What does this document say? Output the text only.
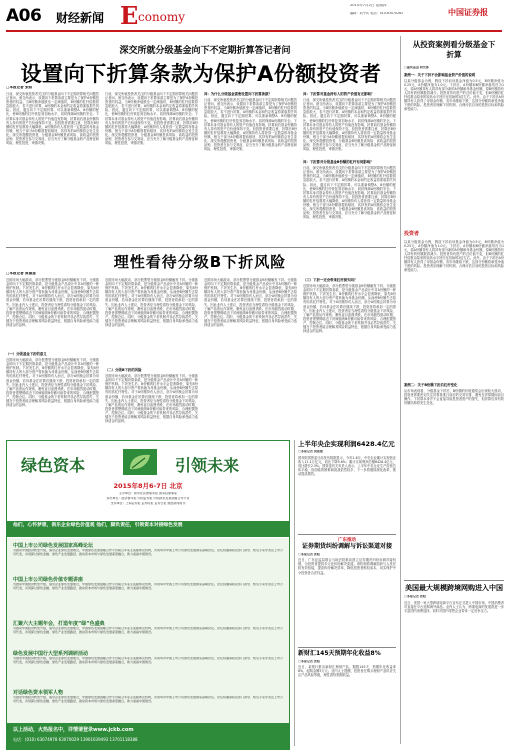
A06 财经新闻 E conomy
2015年7月2日 星期四
编辑：刘小庆 电话：010-63070262	中国证券报
深交所就分级基金向下不定期折算答记者问
设置向下折算条款为保护A份额投资者
□本报记者 张昭
日前，深交所就投资者关注的分级基金向下不定期折算相关问题答记者问。深交所表示，设置向下折算条款主要是为了保护A份额投资者的权益。当B份额净值跌至一定阈值时，B份额的杠杆倍数将急剧放大，若不进行折算，A份额的本金和约定收益将面临损失风险。因此，通过向下不定期折算，可以重新调整A、B份额的配比，使B份额的杠杆恢复到初始水平，同时保障A份额的安全。下折算本身对基金持有人的资产价值没有影响，折算前后基金份额持有人持有的资产总价值保持不变。但投资者需要注意，折算后B份额的杠杆倍数将大幅降低，A份额持有人将获得一定数量的母基金份额，相当于部分A份额被提前赎回，其持有的A份额将会发生变化。深交所提醒投资者，分级基金B份额是高风险、高收益的投资品种，投资者在参与交易前，应当充分了解分级基金的产品特征和风险，理性投资，审慎决策。
日前，深交所就投资者关注的分级基金向下不定期折算相关问题答记者问。深交所表示，设置向下折算条款主要是为了保护A份额投资者的权益。当B份额净值跌至一定阈值时，B份额的杠杆倍数将急剧放大，若不进行折算，A份额的本金和约定收益将面临损失风险。因此，通过向下不定期折算，可以重新调整A、B份额的配比，使B份额的杠杆恢复到初始水平，同时保障A份额的安全。下折算本身对基金持有人的资产价值没有影响，折算前后基金份额持有人持有的资产总价值保持不变。但投资者需要注意，折算后B份额的杠杆倍数将大幅降低，A份额持有人将获得一定数量的母基金份额，相当于部分A份额被提前赎回，其持有的A份额将会发生变化。深交所提醒投资者，分级基金B份额是高风险、高收益的投资品种，投资者在参与交易前，应当充分了解分级基金的产品特征和风险，理性投资，审慎决策。
问：为什么分级基金需要设置向下折算条款？
日前，深交所就投资者关注的分级基金向下不定期折算相关问题答记者问。深交所表示，设置向下折算条款主要是为了保护A份额投资者的权益。当B份额净值跌至一定阈值时，B份额的杠杆倍数将急剧放大，若不进行折算，A份额的本金和约定收益将面临损失风险。因此，通过向下不定期折算，可以重新调整A、B份额的配比，使B份额的杠杆恢复到初始水平，同时保障A份额的安全。下折算本身对基金持有人的资产价值没有影响，折算前后基金份额持有人持有的资产总价值保持不变。但投资者需要注意，折算后B份额的杠杆倍数将大幅降低，A份额持有人将获得一定数量的母基金份额，相当于部分A份额被提前赎回，其持有的A份额将会发生变化。深交所提醒投资者，分级基金B份额是高风险、高收益的投资品种，投资者在参与交易前，应当充分了解分级基金的产品特征和风险，理性投资，审慎决策。
问：下折算对基金持有人的资产价值有无影响？
日前，深交所就投资者关注的分级基金向下不定期折算相关问题答记者问。深交所表示，设置向下折算条款主要是为了保护A份额投资者的权益。当B份额净值跌至一定阈值时，B份额的杠杆倍数将急剧放大，若不进行折算，A份额的本金和约定收益将面临损失风险。因此，通过向下不定期折算，可以重新调整A、B份额的配比，使B份额的杠杆恢复到初始水平，同时保障A份额的安全。下折算本身对基金持有人的资产价值没有影响，折算前后基金份额持有人持有的资产总价值保持不变。但投资者需要注意，折算后B份额的杠杆倍数将大幅降低，A份额持有人将获得一定数量的母基金份额，相当于部分A份额被提前赎回，其持有的A份额将会发生变化。深交所提醒投资者，分级基金B份额是高风险、高收益的投资品种，投资者在参与交易前，应当充分了解分级基金的产品特征和风险，理性投资，审慎决策。
问：下折算对分级基金B份额的杠杆有何影响？
日前，深交所就投资者关注的分级基金向下不定期折算相关问题答记者问。深交所表示，设置向下折算条款主要是为了保护A份额投资者的权益。当B份额净值跌至一定阈值时，B份额的杠杆倍数将急剧放大，若不进行折算，A份额的本金和约定收益将面临损失风险。因此，通过向下不定期折算，可以重新调整A、B份额的配比，使B份额的杠杆恢复到初始水平，同时保障A份额的安全。下折算本身对基金持有人的资产价值没有影响，折算前后基金份额持有人持有的资产总价值保持不变。但投资者需要注意，折算后B份额的杠杆倍数将大幅降低，A份额持有人将获得一定数量的母基金份额，相当于部分A份额被提前赎回，其持有的A份额将会发生变化。深交所提醒投资者，分级基金B份额是高风险、高收益的投资品种，投资者在参与交易前，应当充分了解分级基金的产品特征和风险，理性投资，审慎决策。
从投资案例看分级基金下折算
□嘉实基金 研究部
案例一：关于下折不会影响基金资产价值的说明
以某分级基金为例，假设下折前母基金净值为0.5元，B份额净值为0.25元，A份额净值为1.0元。下折后，A份额和B份额净值均归为1元，原A份额持有人将持有部分新的A份额和母基金份额，原B份额持有人持有的份额数将减少。投资者持有资产的总价值不变，但B份额的杠杆倍数由原来的较高水平回归至初始的2倍左右。此外，由于下折后A份额持有人获得了母基金份额，若市场继续下跌，这部分份额将承受净值下跌的风险。投资者应理解下折机制，合理评估自身的投资目标和风险承受能力。
投资者
以某分级基金为例，假设下折前母基金净值为0.5元，B份额净值为0.25元，A份额净值为1.0元。下折后，A份额和B份额净值均归为1元，原A份额持有人将持有部分新的A份额和母基金份额，原B份额持有人持有的份额数将减少。投资者持有资产的总价值不变，但B份额的杠杆倍数由原来的较高水平回归至初始的2倍左右。此外，由于下折后A份额持有人获得了母基金份额，若市场继续下跌，这部分份额将承受净值下跌的风险。投资者应理解下折机制，合理评估自身的投资目标和风险承受能力。
案例二：关于B份额下折后杠杆变化
从市场表现看，分级基金下折后，B份额的价格通常会出现较大波动，投资者需要密切关注折算基准日前后的交易安排，避免在折算期间盲目操作。下折算本身并不会直接导致投资者资产的损失，但折算后持有的份额结构将发生变化。
理性看待分级B下折风险
□本报记者 黄淑慧
近期市场大幅波动，部分股票型分级基金B份额触发下折。分级基金的向下不定期折算条款，是分级基金产品设计中对A份额的一种保护机制。下折发生后，B份额的杠杆水平会显著降低，原先B份额持有人的大部分资产将转换为母基金份额，从而使B份额失去原有的高杠杆特性。对于A份额持有人而言，部分A份额会折算为母基金份额，若母基金在折算后继续下跌，投资者将承担一定的损失。因此业内人士建议，投资者应当理性看待分级基金下折风险，了解产品的运作规则，避免盲目追涨杀跌。在市场剧烈波动时期，投资者需警惕临近下折阈值的B份额可能带来的风险，合理配置资产，控制仓位。同时，分级基金的下折机制并非必然导致损失，关键在于投资者能否理解其风险收益特征，根据自身风险承受能力选择适合的品种。
（一）分级基金下折的意义
近期市场大幅波动，部分股票型分级基金B份额触发下折。分级基金的向下不定期折算条款，是分级基金产品设计中对A份额的一种保护机制。下折发生后，B份额的杠杆水平会显著降低，原先B份额持有人的大部分资产将转换为母基金份额，从而使B份额失去原有的高杠杆特性。对于A份额持有人而言，部分A份额会折算为母基金份额，若母基金在折算后继续下跌，投资者将承担一定的损失。因此业内人士建议，投资者应当理性看待分级基金下折风险，了解产品的运作规则，避免盲目追涨杀跌。在市场剧烈波动时期，投资者需警惕临近下折阈值的B份额可能带来的风险，合理配置资产，控制仓位。同时，分级基金的下折机制并非必然导致损失，关键在于投资者能否理解其风险收益特征，根据自身风险承受能力选择适合的品种。
近期市场大幅波动，部分股票型分级基金B份额触发下折。分级基金的向下不定期折算条款，是分级基金产品设计中对A份额的一种保护机制。下折发生后，B份额的杠杆水平会显著降低，原先B份额持有人的大部分资产将转换为母基金份额，从而使B份额失去原有的高杠杆特性。对于A份额持有人而言，部分A份额会折算为母基金份额，若母基金在折算后继续下跌，投资者将承担一定的损失。因此业内人士建议，投资者应当理性看待分级基金下折风险，了解产品的运作规则，避免盲目追涨杀跌。在市场剧烈波动时期，投资者需警惕临近下折阈值的B份额可能带来的风险，合理配置资产，控制仓位。同时，分级基金的下折机制并非必然导致损失，关键在于投资者能否理解其风险收益特征，根据自身风险承受能力选择适合的品种。
（二）分级B下折的风险
近期市场大幅波动，部分股票型分级基金B份额触发下折。分级基金的向下不定期折算条款，是分级基金产品设计中对A份额的一种保护机制。下折发生后，B份额的杠杆水平会显著降低，原先B份额持有人的大部分资产将转换为母基金份额，从而使B份额失去原有的高杠杆特性。对于A份额持有人而言，部分A份额会折算为母基金份额，若母基金在折算后继续下跌，投资者将承担一定的损失。因此业内人士建议，投资者应当理性看待分级基金下折风险，了解产品的运作规则，避免盲目追涨杀跌。在市场剧烈波动时期，投资者需警惕临近下折阈值的B份额可能带来的风险，合理配置资产，控制仓位。同时，分级基金的下折机制并非必然导致损失，关键在于投资者能否理解其风险收益特征，根据自身风险承受能力选择适合的品种。
近期市场大幅波动，部分股票型分级基金B份额触发下折。分级基金的向下不定期折算条款，是分级基金产品设计中对A份额的一种保护机制。下折发生后，B份额的杠杆水平会显著降低，原先B份额持有人的大部分资产将转换为母基金份额，从而使B份额失去原有的高杠杆特性。对于A份额持有人而言，部分A份额会折算为母基金份额，若母基金在折算后继续下跌，投资者将承担一定的损失。因此业内人士建议，投资者应当理性看待分级基金下折风险，了解产品的运作规则，避免盲目追涨杀跌。在市场剧烈波动时期，投资者需警惕临近下折阈值的B份额可能带来的风险，合理配置资产，控制仓位。同时，分级基金的下折机制并非必然导致损失，关键在于投资者能否理解其风险收益特征，根据自身风险承受能力选择适合的品种。
（三）下折一定会带来杠杆损失吗？
近期市场大幅波动，部分股票型分级基金B份额触发下折。分级基金的向下不定期折算条款，是分级基金产品设计中对A份额的一种保护机制。下折发生后，B份额的杠杆水平会显著降低，原先B份额持有人的大部分资产将转换为母基金份额，从而使B份额失去原有的高杠杆特性。对于A份额持有人而言，部分A份额会折算为母基金份额，若母基金在折算后继续下跌，投资者将承担一定的损失。因此业内人士建议，投资者应当理性看待分级基金下折风险，了解产品的运作规则，避免盲目追涨杀跌。在市场剧烈波动时期，投资者需警惕临近下折阈值的B份额可能带来的风险，合理配置资产，控制仓位。同时，分级基金的下折机制并非必然导致损失，关键在于投资者能否理解其风险收益特征，根据自身风险承受能力选择适合的品种。
绿色资本	引领未来
2015年8月6-7日 北京
主办单位：新华社民族事务报 国务院参事室
承办单位：经济参考报 中国证券报 中国绿色发展战略合作平台
支持单位：上海证券报 证券时报 证券日报 财经新闻周刊
他们，心怀梦想，俱乐企业绿色价值观 他们，脚负责任，引领资本对接绿色发展
中国上市公司绿色发展国家高峰论坛
为推动中国经济转型升级，倡导企业绿色发展理念，中国绿色发展战略合作平台联合多家主流媒体及机构，共同举办中国上市公司绿色发展国家高峰论坛。论坛将邀请政府部门领导、知名专家学者及上市公司代表，共同探讨绿色金融、绿色产业发展路径，推动资本市场与绿色发展深度融合，助力美丽中国建设。
中国上市公司绿色价值专题讲座
为推动中国经济转型升级，倡导企业绿色发展理念，中国绿色发展战略合作平台联合多家主流媒体及机构，共同举办中国上市公司绿色发展国家高峰论坛。论坛将邀请政府部门领导、知名专家学者及上市公司代表，共同探讨绿色金融、绿色产业发展路径，推动资本市场与绿色发展深度融合，助力美丽中国建设。
汇聚六大主题年会，打造年度“绿”色盛典
为推动中国经济转型升级，倡导企业绿色发展理念，中国绿色发展战略合作平台联合多家主流媒体及机构，共同举办中国上市公司绿色发展国家高峰论坛。论坛将邀请政府部门领导、知名专家学者及上市公司代表，共同探讨绿色金融、绿色产业发展路径，推动资本市场与绿色发展深度融合，助力美丽中国建设。
绿色发展中国行大型系列调研活动
为推动中国经济转型升级，倡导企业绿色发展理念，中国绿色发展战略合作平台联合多家主流媒体及机构，共同举办中国上市公司绿色发展国家高峰论坛。论坛将邀请政府部门领导、知名专家学者及上市公司代表，共同探讨绿色金融、绿色产业发展路径，推动资本市场与绿色发展深度融合，助力美丽中国建设。
对话绿色资本领军人物
为推动中国经济转型升级，倡导企业绿色发展理念，中国绿色发展战略合作平台联合多家主流媒体及机构，共同举办中国上市公司绿色发展国家高峰论坛。论坛将邀请政府部门领导、知名专家学者及上市公司代表，共同探讨绿色金融、绿色产业发展路径，推动资本市场与绿色发展深度融合，助力美丽中国建设。
以上活动，火热报名中，详情请登录www.jckb.com
电话：(010) 63074978 63070029 13901039493 13701118388
上半年央企实现利润6428.4亿元
□本报记者 倪铭娅
国务院国资委日前发布数据显示，今年1-6月，中央企业累计实现营业收入11.1万亿元，同比下降5.6%；累计实现利润总额6428.4亿元，同比增长2.3%。国资委有关负责人表示，上半年中央企业生产经营总体平稳，但面临的困难和挑战依然较多，下一步将继续深化改革，推动提质增效。
广东推动
证券期货纠纷调解与诉讼渠道对接
□本报记者 张昭
近日，广东证监局联合当地法院推动建立证券期货纠纷诉调对接机制，为投资者提供多元化纠纷解决渠道。该机制将调解组织与人民法院有效衔接，提高纠纷解决效率，降低投资者维权成本，切实保护中小投资者合法权益。
新财汇145天预期年化收益8%
□本报记者 张昭
近日，某银行推出新财汇理财产品，期限145天，预期年化收益率8%，起购金额5万元。业内人士提醒，投资者在购买理财产品时应关注产品风险等级，理性看待预期收益。
美国最大规模跨境网购进入中国
□本报记者 张昭
近日，美国一家大型跨境电商平台宣布正式进入中国市场，中国消费者可直接在平台选购海外商品。业内人士认为，跨境电商的发展将进一步丰富国内消费选择，同时对国内零售企业带来一定竞争压力。
